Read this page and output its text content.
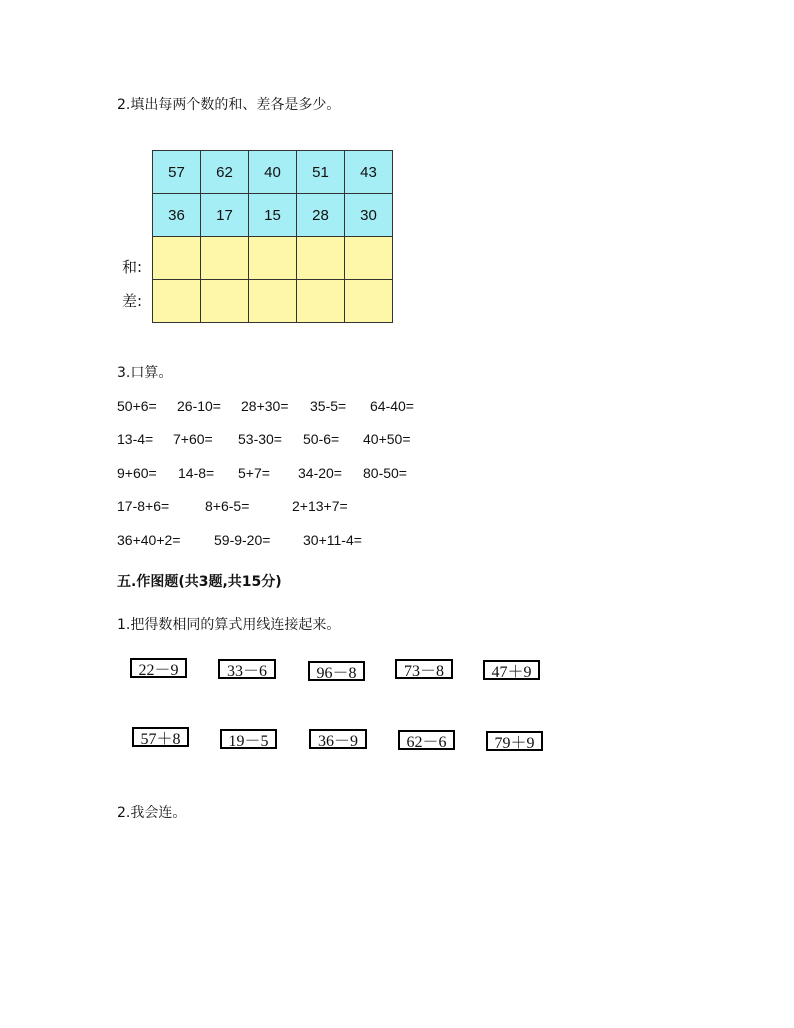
2.填出每两个数的和、差各是多少。
57	62	40	51	43
36	17	15	28	30

和:
差:
3.口算。
50+6= 26-10= 28+30= 35-5= 64-40=
13-4= 7+60= 53-30= 50-6= 40+50=
9+60= 14-8= 5+7= 34-20= 80-50=
17-8+6=	8+6-5=	2+13+7=
36+40+2= 59-9-20= 30+11-4=
五.作图题(共3题,共15分)
1.把得数相同的算式用线连接起来。
22－9	33－6	96－8	73－8	47＋9
57＋8	19－5	36－9	62－6	79＋9
2.我会连。
